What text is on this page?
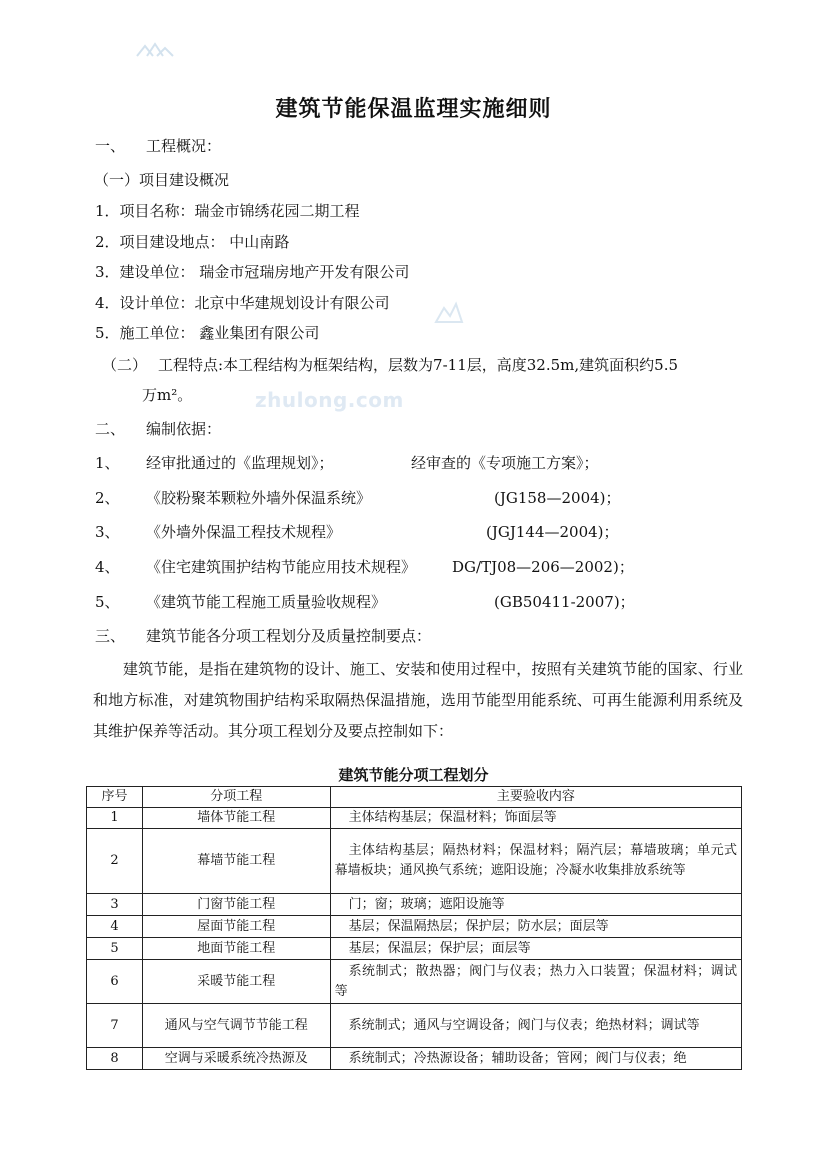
zhulong.com
建筑节能保温监理实施细则
一、 工程概况：
（一）项目建设概况
1．项目名称：瑞金市锦绣花园二期工程
2．项目建设地点： 中山南路
3．建设单位： 瑞金市冠瑞房地产开发有限公司
4．设计单位：北京中华建规划设计有限公司
5．施工单位： 鑫业集团有限公司
（二） 工程特点:本工程结构为框架结构，层数为7-11层，高度32.5m,建筑面积约5.5
万m²。
二、 编制依据：
1、 经审批通过的《监理规划》；	经审查的《专项施工方案》；
2、 《胶粉聚苯颗粒外墙外保温系统》	(JG158—2004)；
3、 《外墙外保温工程技术规程》	(JGJ144—2004)；
4、 《住宅建筑围护结构节能应用技术规程》 DG/TJ08—206—2002)；
5、 《建筑节能工程施工质量验收规程》	(GB50411-2007)；
三、 建筑节能各分项工程划分及质量控制要点：
建筑节能，是指在建筑物的设计、施工、安装和使用过程中，按照有关建筑节能的国家、行业和地方标准，对建筑物围护结构采取隔热保温措施，选用节能型用能系统、可再生能源利用系统及其维护保养等活动。其分项工程划分及要点控制如下：
建筑节能分项工程划分
序号	分项工程	主要验收内容
1	墙体节能工程	主体结构基层；保温材料；饰面层等
2	幕墙节能工程	主体结构基层；隔热材料；保温材料；隔汽层；幕墙玻璃；单元式幕墙板块；通风换气系统；遮阳设施；冷凝水收集排放系统等
3	门窗节能工程	门；窗；玻璃；遮阳设施等
4	屋面节能工程	基层；保温隔热层；保护层；防水层；面层等
5	地面节能工程	基层；保温层；保护层；面层等
6	采暖节能工程	系统制式；散热器；阀门与仪表；热力入口装置；保温材料；调试等
7	通风与空气调节节能工程	系统制式；通风与空调设备；阀门与仪表；绝热材料；调试等
8	空调与采暖系统冷热源及	系统制式；冷热源设备；辅助设备；管网；阀门与仪表；绝
